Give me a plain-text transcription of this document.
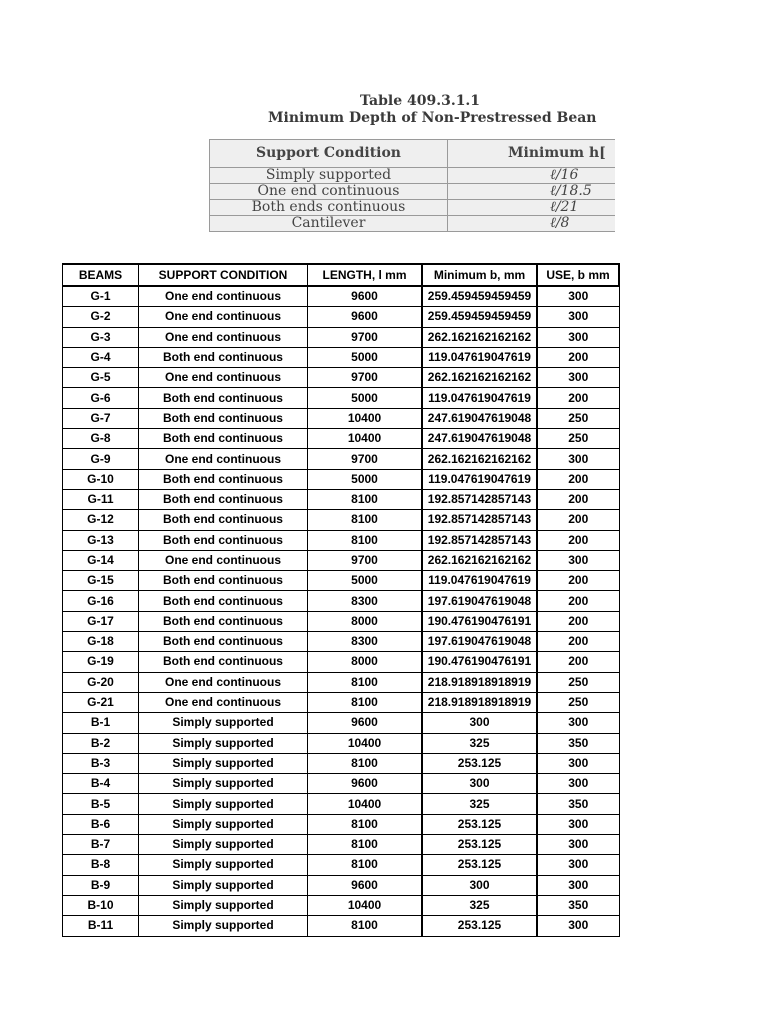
Table 409.3.1.1
Minimum Depth of Non-Prestressed Bean
Support Condition	Minimum h[
Simply supported	ℓ/16
One end continuous	ℓ/18.5
Both ends continuous	ℓ/21
Cantilever	ℓ/8
BEAMS	SUPPORT CONDITION	LENGTH, l mm	Minimum b, mm	USE, b mm
G-1	One end continuous	9600	259.459459459459	300
G-2	One end continuous	9600	259.459459459459	300
G-3	One end continuous	9700	262.162162162162	300
G-4	Both end continuous	5000	119.047619047619	200
G-5	One end continuous	9700	262.162162162162	300
G-6	Both end continuous	5000	119.047619047619	200
G-7	Both end continuous	10400	247.619047619048	250
G-8	Both end continuous	10400	247.619047619048	250
G-9	One end continuous	9700	262.162162162162	300
G-10	Both end continuous	5000	119.047619047619	200
G-11	Both end continuous	8100	192.857142857143	200
G-12	Both end continuous	8100	192.857142857143	200
G-13	Both end continuous	8100	192.857142857143	200
G-14	One end continuous	9700	262.162162162162	300
G-15	Both end continuous	5000	119.047619047619	200
G-16	Both end continuous	8300	197.619047619048	200
G-17	Both end continuous	8000	190.476190476191	200
G-18	Both end continuous	8300	197.619047619048	200
G-19	Both end continuous	8000	190.476190476191	200
G-20	One end continuous	8100	218.918918918919	250
G-21	One end continuous	8100	218.918918918919	250
B-1	Simply supported	9600	300	300
B-2	Simply supported	10400	325	350
B-3	Simply supported	8100	253.125	300
B-4	Simply supported	9600	300	300
B-5	Simply supported	10400	325	350
B-6	Simply supported	8100	253.125	300
B-7	Simply supported	8100	253.125	300
B-8	Simply supported	8100	253.125	300
B-9	Simply supported	9600	300	300
B-10	Simply supported	10400	325	350
B-11	Simply supported	8100	253.125	300
